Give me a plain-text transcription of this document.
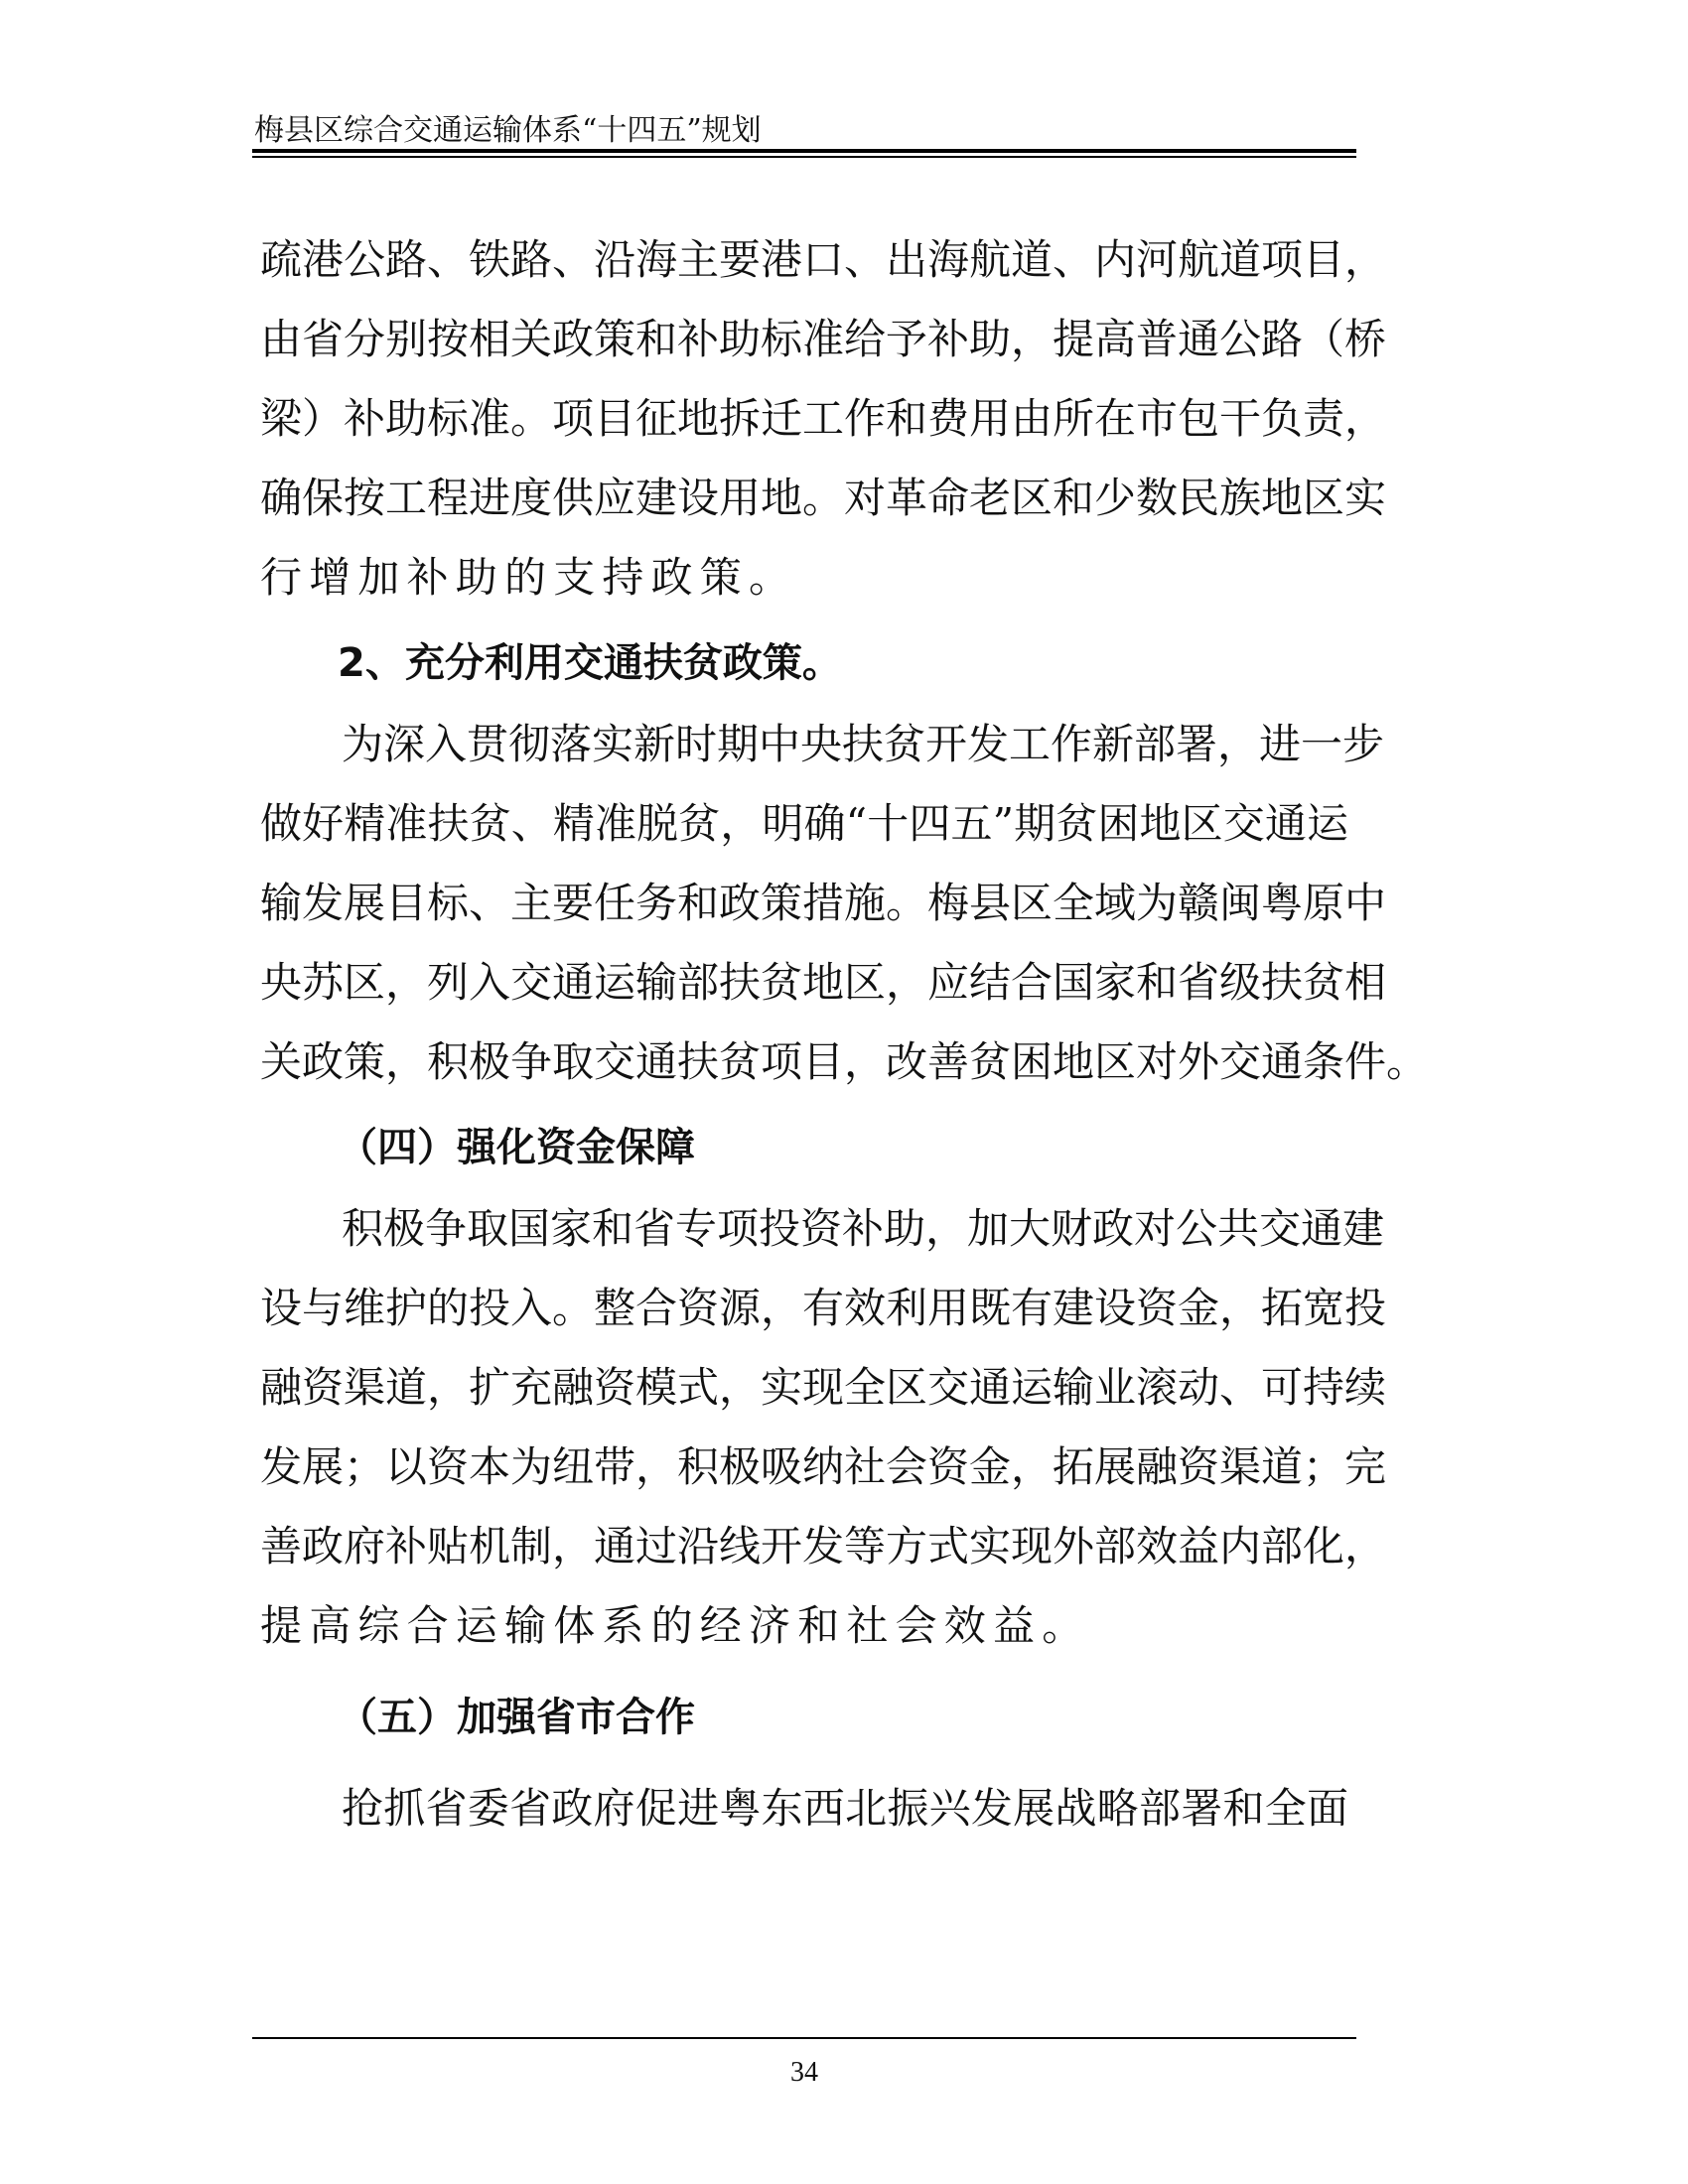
梅县区综合交通运输体系“十四五”规划
疏港公路、铁路、沿海主要港口、出海航道、内河航道项目，
由省分别按相关政策和补助标准给予补助，提高普通公路（桥
梁）补助标准。项目征地拆迁工作和费用由所在市包干负责，
确保按工程进度供应建设用地。对革命老区和少数民族地区实
行增加补助的支持政策。
2、充分利用交通扶贫政策。
为深入贯彻落实新时期中央扶贫开发工作新部署，进一步
做好精准扶贫、精准脱贫，明确“十四五”期贫困地区交通运
输发展目标、主要任务和政策措施。梅县区全域为赣闽粤原中
央苏区，列入交通运输部扶贫地区，应结合国家和省级扶贫相
关政策，积极争取交通扶贫项目，改善贫困地区对外交通条件。
（四）强化资金保障
积极争取国家和省专项投资补助，加大财政对公共交通建
设与维护的投入。整合资源，有效利用既有建设资金，拓宽投
融资渠道，扩充融资模式，实现全区交通运输业滚动、可持续
发展；以资本为纽带，积极吸纳社会资金，拓展融资渠道；完
善政府补贴机制，通过沿线开发等方式实现外部效益内部化，
提高综合运输体系的经济和社会效益。
（五）加强省市合作
抢抓省委省政府促进粤东西北振兴发展战略部署和全面
34
